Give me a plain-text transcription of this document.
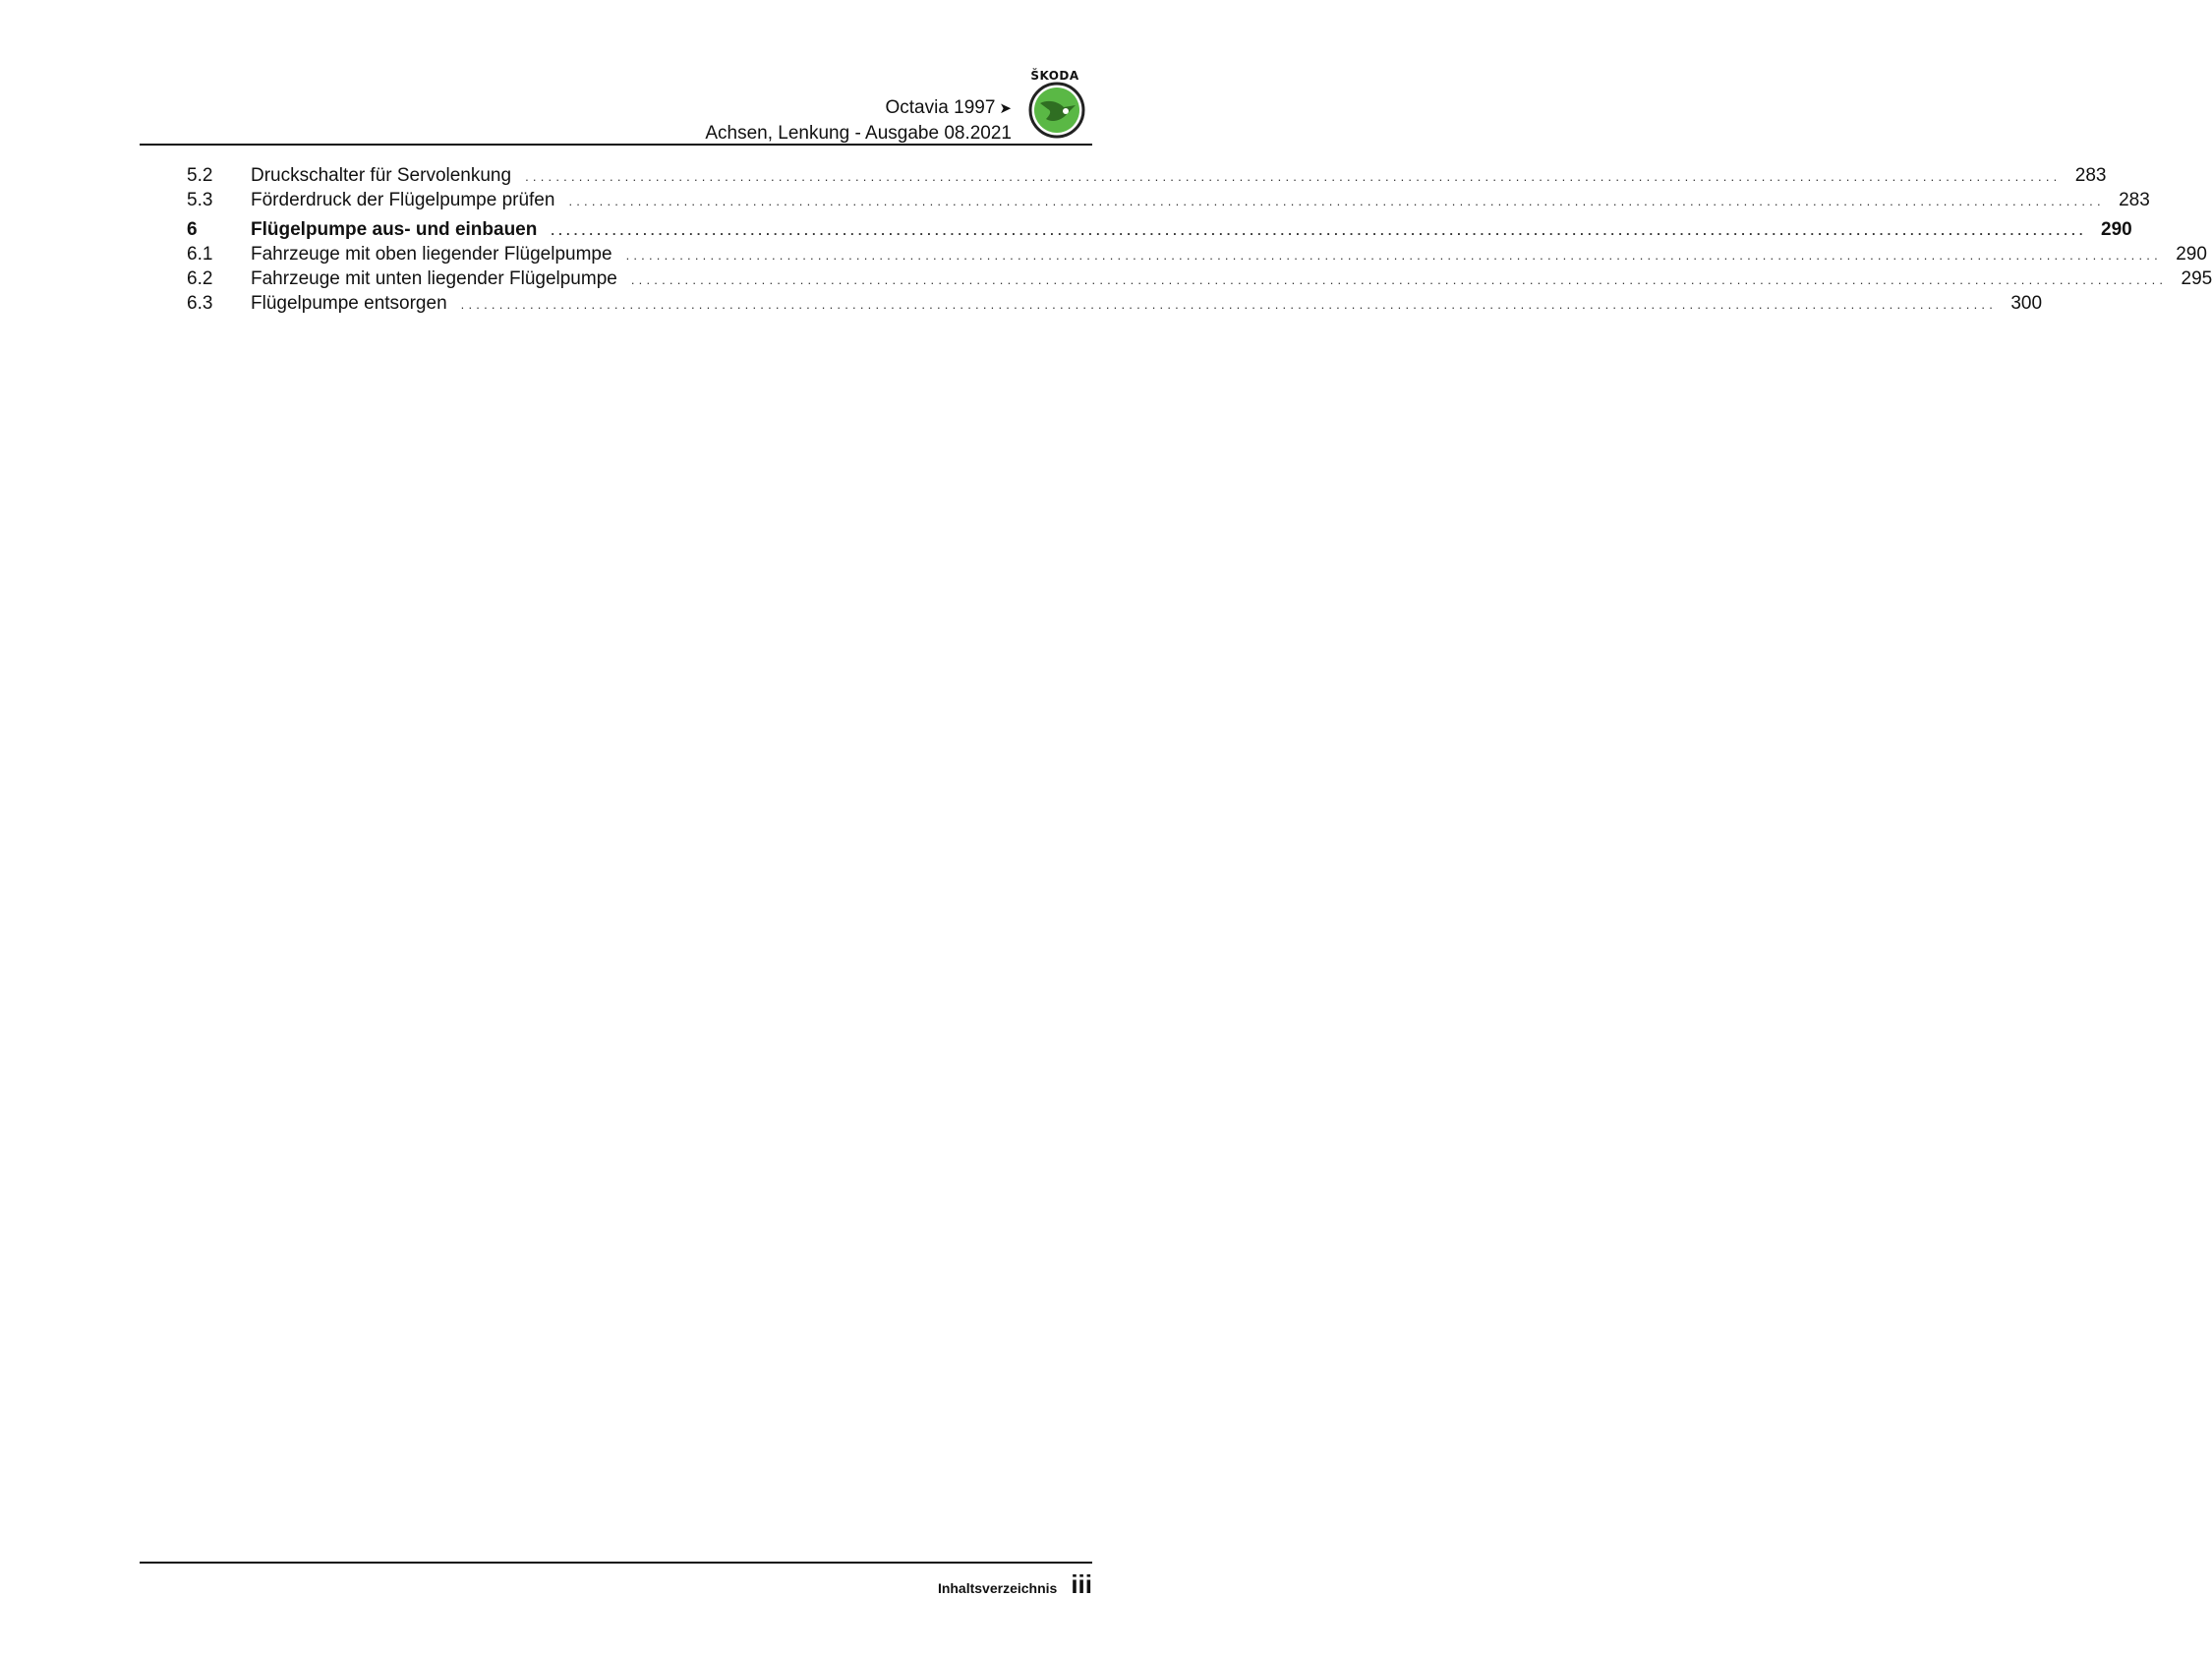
ŠKODA
Octavia 1997 ➤
Achsen, Lenkung - Ausgabe 08.2021
5.2	Druckschalter für Servolenkung	........................................................................................................................................................................................................ 283
5.3	Förderdruck der Flügelpumpe prüfen	........................................................................................................................................................................................................ 283
6	Flügelpumpe aus- und einbauen	........................................................................................................................................................................................................ 290
6.1	Fahrzeuge mit oben liegender Flügelpumpe	........................................................................................................................................................................................................ 290
6.2	Fahrzeuge mit unten liegender Flügelpumpe	........................................................................................................................................................................................................ 295
6.3	Flügelpumpe entsorgen	........................................................................................................................................................................................................ 300
Inhaltsverzeichnis iii
